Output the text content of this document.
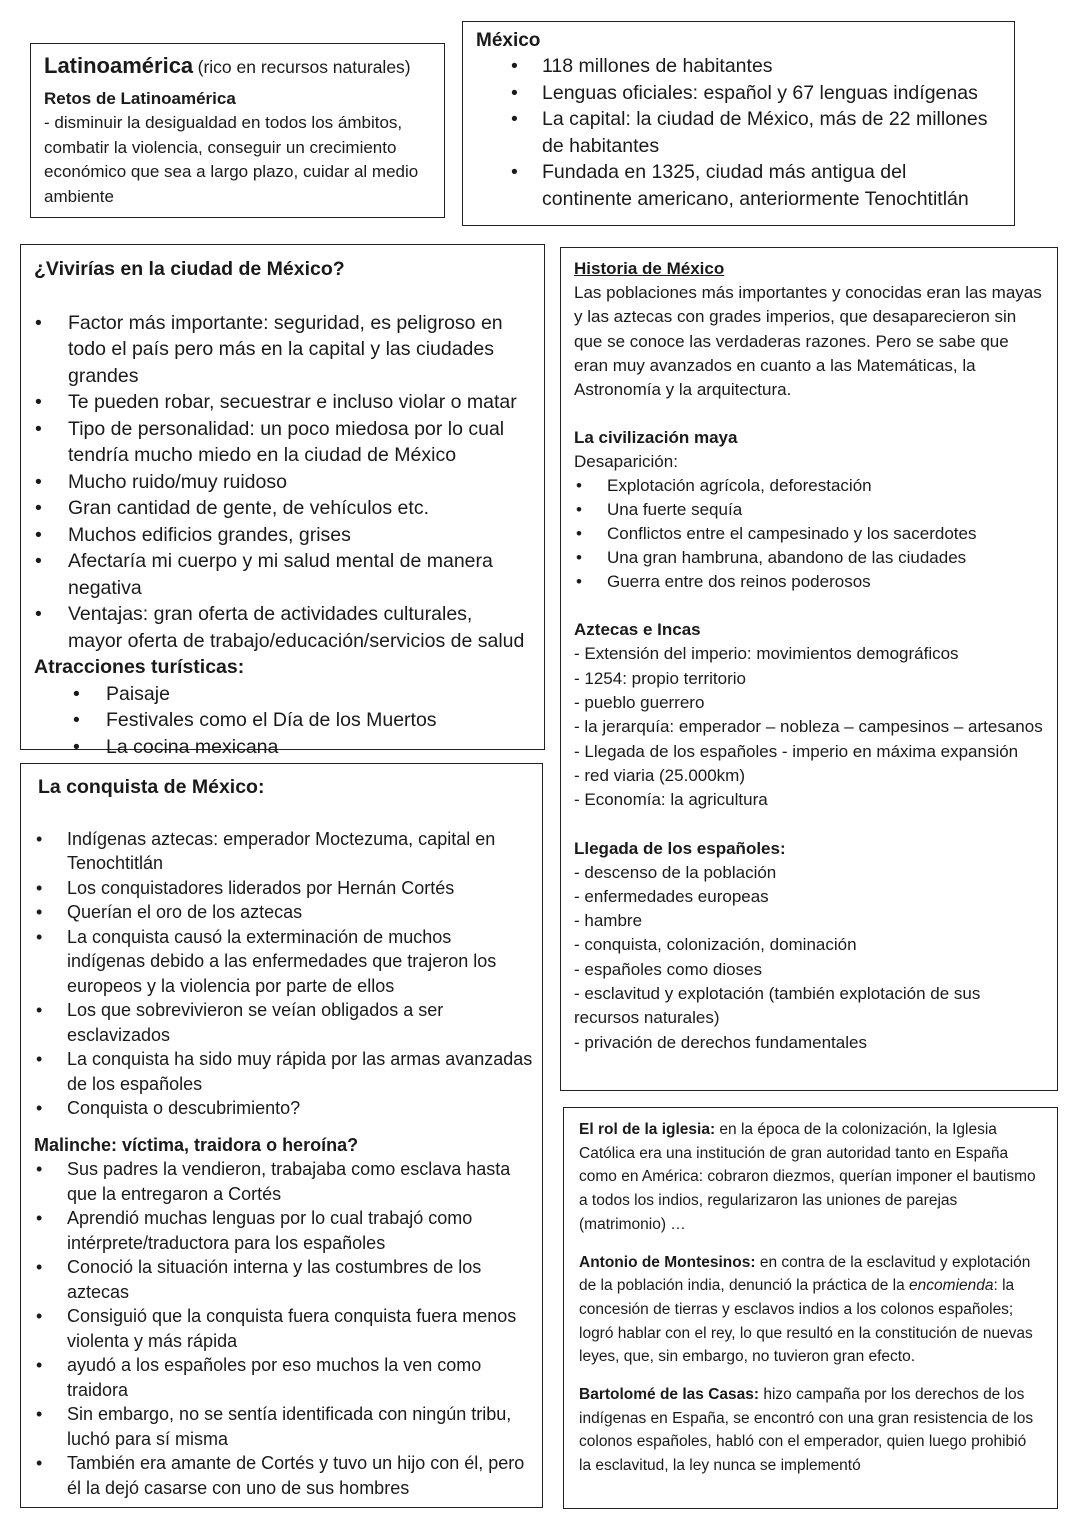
Latinoamérica (rico en recursos naturales)
Retos de Latinoamérica
- disminuir la desigualdad en todos los ámbitos, combatir la violencia, conseguir un crecimiento económico que sea a largo plazo, cuidar al medio ambiente
México
• 118 millones de habitantes
• Lenguas oficiales: español y 67 lenguas indígenas
• La capital: la ciudad de México, más de 22 millones de habitantes
• Fundada en 1325, ciudad más antigua del continente americano, anteriormente Tenochtitlán
¿Vivirías en la ciudad de México?
• Factor más importante: seguridad, es peligroso en todo el país pero más en la capital y las ciudades grandes
• Te pueden robar, secuestrar e incluso violar o matar
• Tipo de personalidad: un poco miedosa por lo cual tendría mucho miedo en la ciudad de México
• Mucho ruido/muy ruidoso
• Gran cantidad de gente, de vehículos etc.
• Muchos edificios grandes, grises
• Afectaría mi cuerpo y mi salud mental de manera negativa
• Ventajas: gran oferta de actividades culturales, mayor oferta de trabajo/educación/servicios de salud
Atracciones turísticas:
• Paisaje
• Festivales como el Día de los Muertos
• La cocina mexicana
La conquista de México:
• Indígenas aztecas: emperador Moctezuma, capital en Tenochtitlán
• Los conquistadores liderados por Hernán Cortés
• Querían el oro de los aztecas
• La conquista causó la exterminación de muchos indígenas debido a las enfermedades que trajeron los europeos y la violencia por parte de ellos
• Los que sobrevivieron se veían obligados a ser esclavizados
• La conquista ha sido muy rápida por las armas avanzadas de los españoles
• Conquista o descubrimiento?
Malinche: víctima, traidora o heroína?
• Sus padres la vendieron, trabajaba como esclava hasta que la entregaron a Cortés
• Aprendió muchas lenguas por lo cual trabajó como intérprete/traductora para los españoles
• Conoció la situación interna y las costumbres de los aztecas
• Consiguió que la conquista fuera conquista fuera menos violenta y más rápida
• ayudó a los españoles por eso muchos la ven como traidora
• Sin embargo, no se sentía identificada con ningún tribu, luchó para sí misma
• También era amante de Cortés y tuvo un hijo con él, pero él la dejó casarse con uno de sus hombres
Historia de México
Las poblaciones más importantes y conocidas eran las mayas y las aztecas con grades imperios, que desaparecieron sin que se conoce las verdaderas razones. Pero se sabe que eran muy avanzados en cuanto a las Matemáticas, la Astronomía y la arquitectura.
La civilización maya
Desaparición:
• Explotación agrícola, deforestación
• Una fuerte sequía
• Conflictos entre el campesinado y los sacerdotes
• Una gran hambruna, abandono de las ciudades
• Guerra entre dos reinos poderosos
Aztecas e Incas
- Extensión del imperio: movimientos demográficos
- 1254: propio territorio
- pueblo guerrero
- la jerarquía: emperador – nobleza – campesinos – artesanos
- Llegada de los españoles - imperio en máxima expansión
- red viaria (25.000km)
- Economía: la agricultura
Llegada de los españoles:
- descenso de la población
- enfermedades europeas
- hambre
- conquista, colonización, dominación
- españoles como dioses
- esclavitud y explotación (también explotación de sus recursos naturales)
- privación de derechos fundamentales
El rol de la iglesia: en la época de la colonización, la Iglesia Católica era una institución de gran autoridad tanto en España como en América: cobraron diezmos, querían imponer el bautismo a todos los indios, regularizaron las uniones de parejas (matrimonio) …
Antonio de Montesinos: en contra de la esclavitud y explotación de la población india, denunció la práctica de la encomienda: la concesión de tierras y esclavos indios a los colonos españoles; logró hablar con el rey, lo que resultó en la constitución de nuevas leyes, que, sin embargo, no tuvieron gran efecto.
Bartolomé de las Casas: hizo campaña por los derechos de los indígenas en España, se encontró con una gran resistencia de los colonos españoles, habló con el emperador, quien luego prohibió la esclavitud, la ley nunca se implementó
